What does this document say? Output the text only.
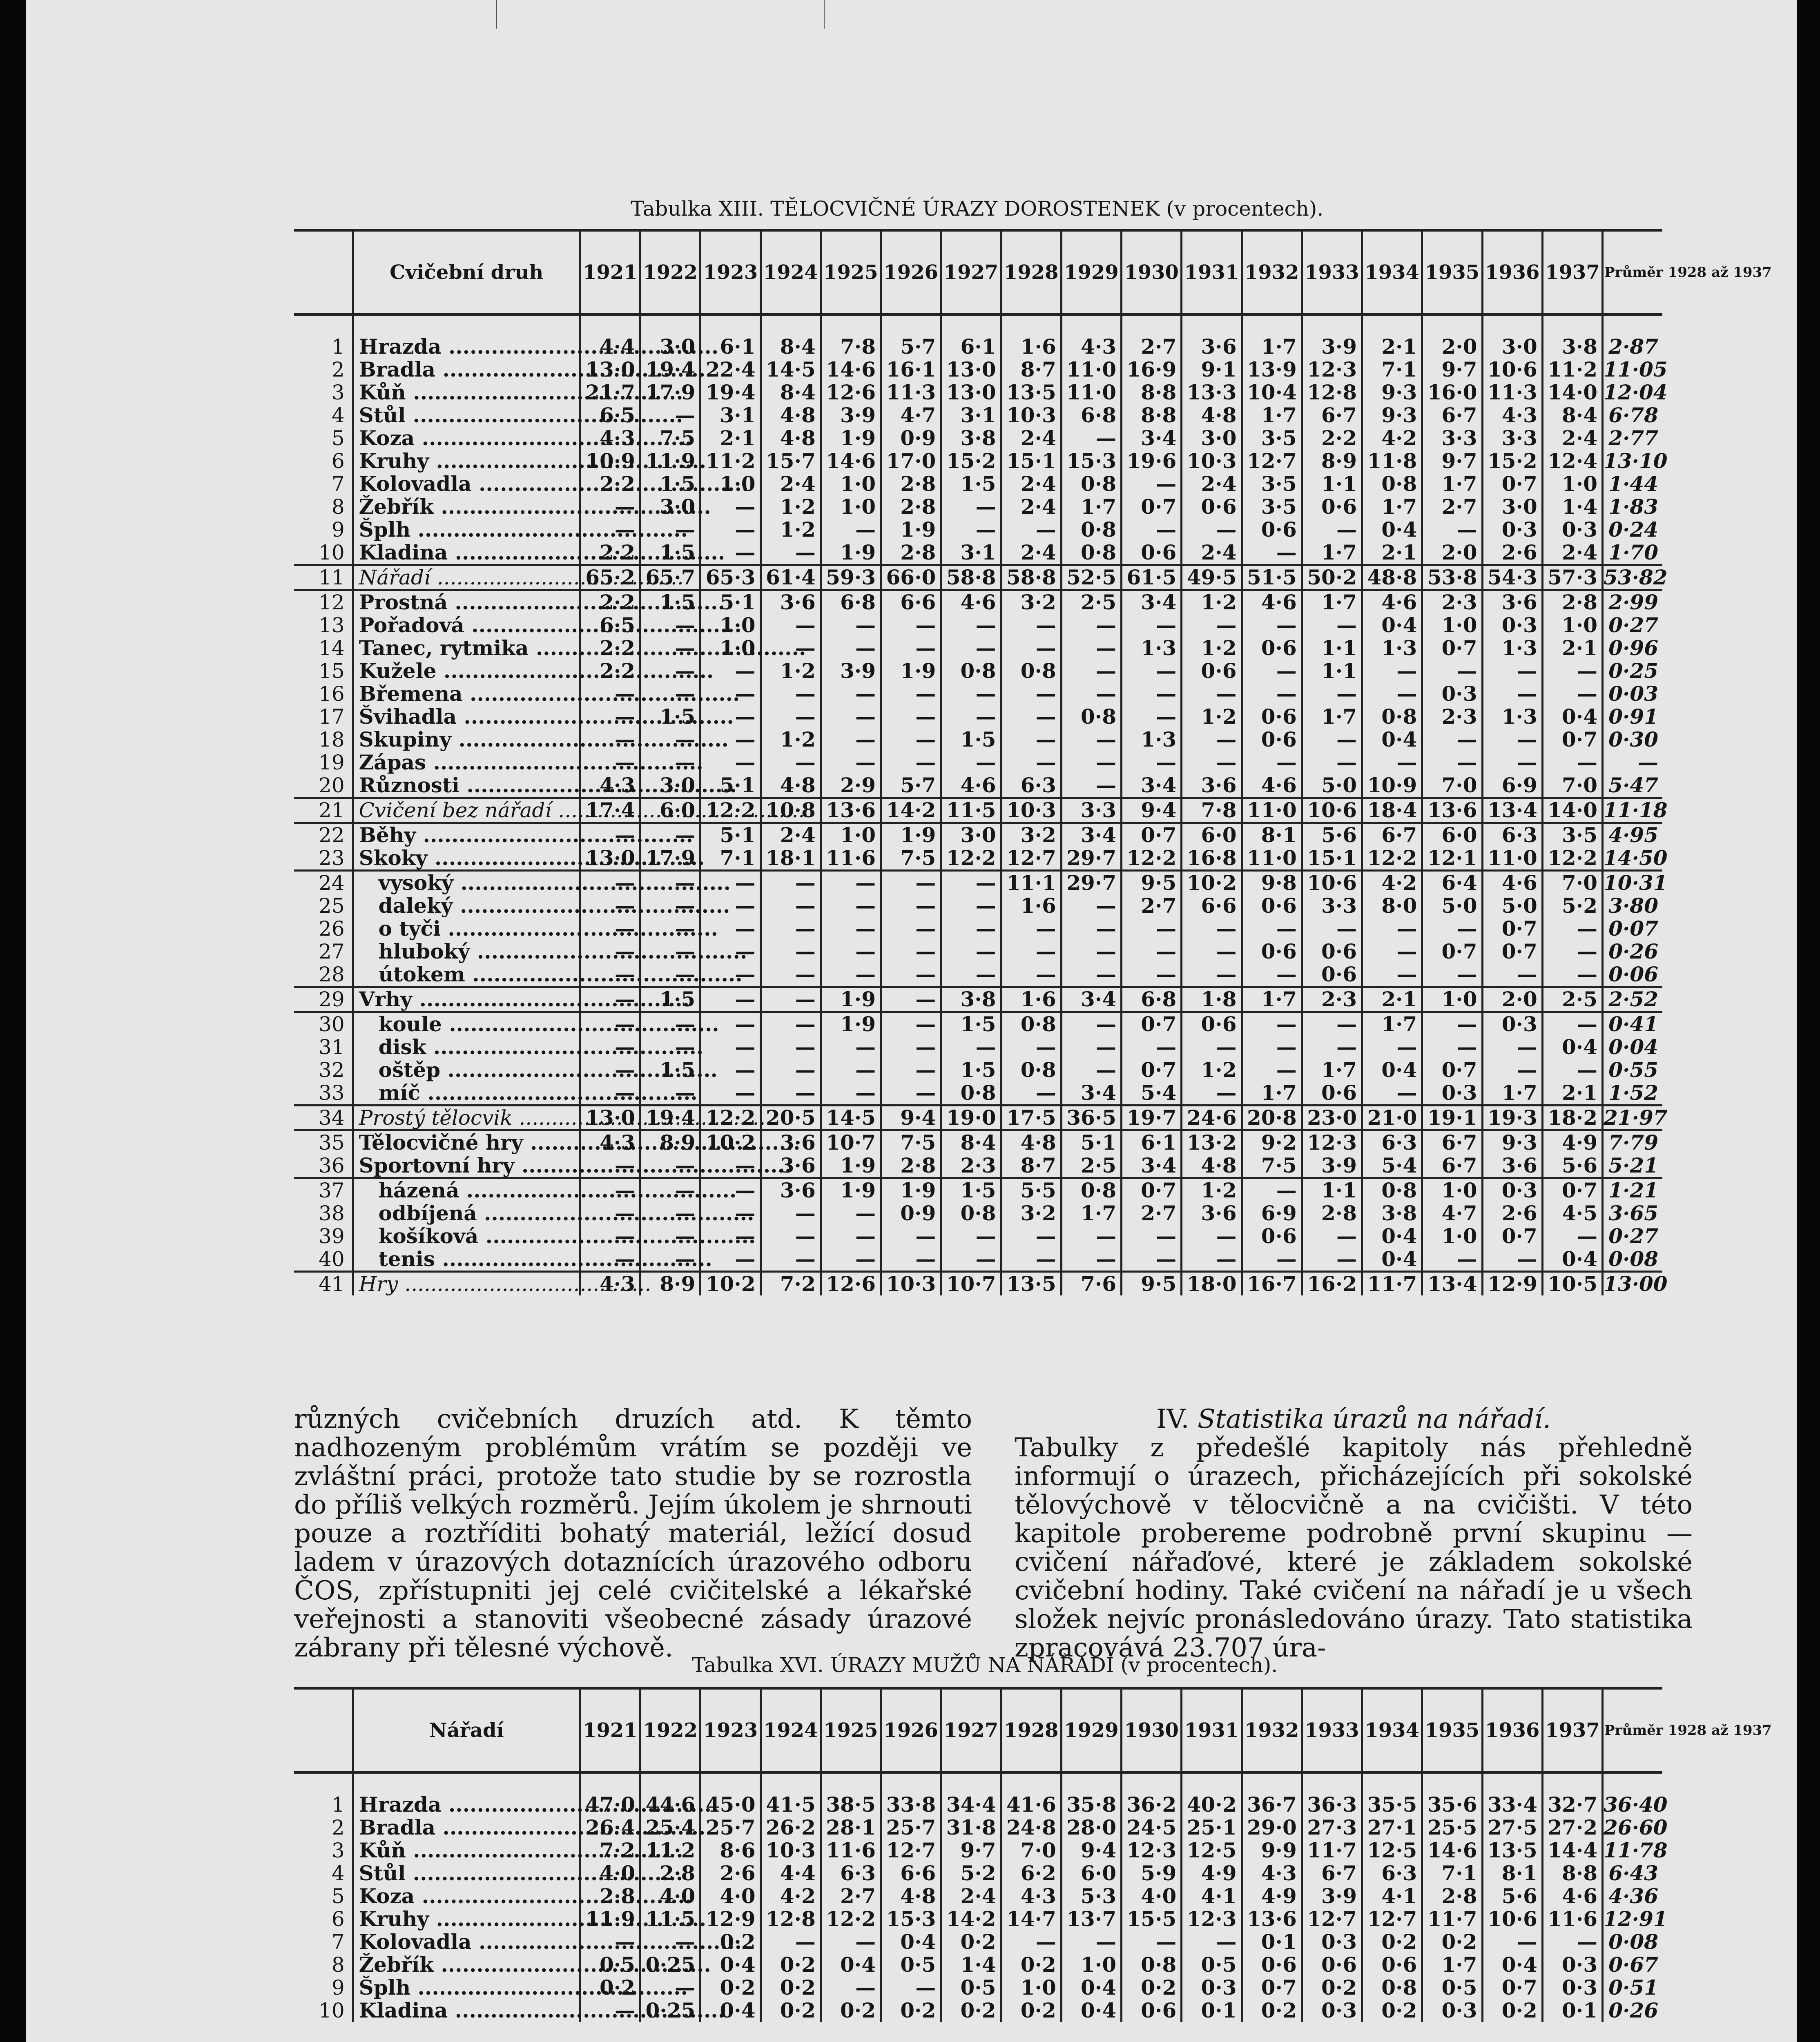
Tabulka XIII. TĚLOCVIČNÉ ÚRAZY DOROSTENEK (v procentech).
	Cvičební druh	1921	1922	1923	1924	1925	1926	1927	1928	1929	1930	1931	1932	1933	1934	1935	1936	1937	Průměr 1928 až 1937

1	Hrazda .....	4·4	3·0	6·1	8·4	7·8	5·7	6·1	1·6	4·3	2·7	3·6	1·7	3·9	2·1	2·0	3·0	3·8	2·87
2	Bradla .....	13·0	19·4	22·4	14·5	14·6	16·1	13·0	8·7	11·0	16·9	9·1	13·9	12·3	7·1	9·7	10·6	11·2	11·05
3	Kůň .....	21·7	17·9	19·4	8·4	12·6	11·3	13·0	13·5	11·0	8·8	13·3	10·4	12·8	9·3	16·0	11·3	14·0	12·04
4	Stůl .....	6·5	—	3·1	4·8	3·9	4·7	3·1	10·3	6·8	8·8	4·8	1·7	6·7	9·3	6·7	4·3	8·4	6·78
5	Koza .....	4·3	7·5	2·1	4·8	1·9	0·9	3·8	2·4	—	3·4	3·0	3·5	2·2	4·2	3·3	3·3	2·4	2·77
6	Kruhy .....	10·9	11·9	11·2	15·7	14·6	17·0	15·2	15·1	15·3	19·6	10·3	12·7	8·9	11·8	9·7	15·2	12·4	13·10
7	Kolovadla .....	2·2	1·5	1·0	2·4	1·0	2·8	1·5	2·4	0·8	—	2·4	3·5	1·1	0·8	1·7	0·7	1·0	1·44
8	Žebřík .....	—	3·0	—	1·2	1·0	2·8	—	2·4	1·7	0·7	0·6	3·5	0·6	1·7	2·7	3·0	1·4	1·83
9	Šplh .....	—	—	—	1·2	—	1·9	—	—	0·8	—	—	0·6	—	0·4	—	0·3	0·3	0·24
10	Kladina .....	2·2	1·5	—	—	1·9	2·8	3·1	2·4	0·8	0·6	2·4	—	1·7	2·1	2·0	2·6	2·4	1·70
11	Nářadí .....	65·2	65·7	65·3	61·4	59·3	66·0	58·8	58·8	52·5	61·5	49·5	51·5	50·2	48·8	53·8	54·3	57·3	53·82
12	Prostná .....	2·2	1·5	5·1	3·6	6·8	6·6	4·6	3·2	2·5	3·4	1·2	4·6	1·7	4·6	2·3	3·6	2·8	2·99
13	Pořadová .....	6·5	—	1·0	—	—	—	—	—	—	—	—	—	—	0·4	1·0	0·3	1·0	0·27
14	Tanec, rytmika .....	2·2	—	1·0	—	—	—	—	—	—	1·3	1·2	0·6	1·1	1·3	0·7	1·3	2·1	0·96
15	Kužele .....	2·2	—	—	1·2	3·9	1·9	0·8	0·8	—	—	0·6	—	1·1	—	—	—	—	0·25
16	Břemena .....	—	—	—	—	—	—	—	—	—	—	—	—	—	—	0·3	—	—	0·03
17	Švihadla .....	—	1·5	—	—	—	—	—	—	0·8	—	1·2	0·6	1·7	0·8	2·3	1·3	0·4	0·91
18	Skupiny .....	—	—	—	1·2	—	—	1·5	—	—	1·3	—	0·6	—	0·4	—	—	0·7	0·30
19	Zápas .....	—	—	—	—	—	—	—	—	—	—	—	—	—	—	—	—	—	—
20	Různosti .....	4·3	3·0	5·1	4·8	2·9	5·7	4·6	6·3	—	3·4	3·6	4·6	5·0	10·9	7·0	6·9	7·0	5·47
21	Cvičení bez nářadí .....	17·4	6·0	12·2	10·8	13·6	14·2	11·5	10·3	3·3	9·4	7·8	11·0	10·6	18·4	13·6	13·4	14·0	11·18
22	Běhy .....	—	—	5·1	2·4	1·0	1·9	3·0	3·2	3·4	0·7	6·0	8·1	5·6	6·7	6·0	6·3	3·5	4·95
23	Skoky .....	13·0	17·9	7·1	18·1	11·6	7·5	12·2	12·7	29·7	12·2	16·8	11·0	15·1	12·2	12·1	11·0	12·2	14·50
24	vysoký .....	—	—	—	—	—	—	—	11·1	29·7	9·5	10·2	9·8	10·6	4·2	6·4	4·6	7·0	10·31
25	daleký .....	—	—	—	—	—	—	—	1·6	—	2·7	6·6	0·6	3·3	8·0	5·0	5·0	5·2	3·80
26	o tyči .....	—	—	—	—	—	—	—	—	—	—	—	—	—	—	—	0·7	—	0·07
27	hluboký .....	—	—	—	—	—	—	—	—	—	—	—	0·6	0·6	—	0·7	0·7	—	0·26
28	útokem .....	—	—	—	—	—	—	—	—	—	—	—	—	0·6	—	—	—	—	0·06
29	Vrhy .....	—	1·5	—	—	1·9	—	3·8	1·6	3·4	6·8	1·8	1·7	2·3	2·1	1·0	2·0	2·5	2·52
30	koule .....	—	—	—	—	1·9	—	1·5	0·8	—	0·7	0·6	—	—	1·7	—	0·3	—	0·41
31	disk .....	—	—	—	—	—	—	—	—	—	—	—	—	—	—	—	—	0·4	0·04
32	oštěp .....	—	1·5	—	—	—	—	1·5	0·8	—	0·7	1·2	—	1·7	0·4	0·7	—	—	0·55
33	míč .....	—	—	—	—	—	—	0·8	—	3·4	5·4	—	1·7	0·6	—	0·3	1·7	2·1	1·52
34	Prostý tělocvik .....	13·0	19·4	12·2	20·5	14·5	9·4	19·0	17·5	36·5	19·7	24·6	20·8	23·0	21·0	19·1	19·3	18·2	21·97
35	Tělocvičné hry .....	4·3	8·9	10·2	3·6	10·7	7·5	8·4	4·8	5·1	6·1	13·2	9·2	12·3	6·3	6·7	9·3	4·9	7·79
36	Sportovní hry .....	—	—	—	3·6	1·9	2·8	2·3	8·7	2·5	3·4	4·8	7·5	3·9	5·4	6·7	3·6	5·6	5·21
37	házená .....	—	—	—	3·6	1·9	1·9	1·5	5·5	0·8	0·7	1·2	—	1·1	0·8	1·0	0·3	0·7	1·21
38	odbíjená .....	—	—	—	—	—	0·9	0·8	3·2	1·7	2·7	3·6	6·9	2·8	3·8	4·7	2·6	4·5	3·65
39	košíková .....	—	—	—	—	—	—	—	—	—	—	—	0·6	—	0·4	1·0	0·7	—	0·27
40	tenis .....	—	—	—	—	—	—	—	—	—	—	—	—	—	0·4	—	—	0·4	0·08
41	Hry .....	4·3	8·9	10·2	7·2	12·6	10·3	10·7	13·5	7·6	9·5	18·0	16·7	16·2	11·7	13·4	12·9	10·5	13·00
různých cvičebních druzích atd. K těmto nadhozeným problémům vrátím se později ve zvláštní práci, protože tato studie by se rozrostla do příliš velkých rozměrů. Jejím úkolem je shrnouti pouze a roztříditi bohatý materiál, ležící dosud ladem v úrazových dotaznících úrazového odboru ČOS, zpřístupniti jej celé cvičitelské a lékařské veřejnosti a stanoviti všeobecné zásady úrazové zábrany při tělesné výchově.
IV. Statistika úrazů na nářadí.
Tabulky z předešlé kapitoly nás přehledně informují o úrazech, přicházejících při sokolské tělovýchově v tělocvičně a na cvičišti. V této kapitole probereme podrobně první skupinu — cvičení nářaďové, které je základem sokolské cvičební hodiny. Také cvičení na nářadí je u všech složek nejvíc pronásledováno úrazy. Tato statistika zpracovává 23.707 úra-
Tabulka XVI. ÚRAZY MUŽŮ NA NÁŘADÍ (v procentech).
	Nářadí	1921	1922	1923	1924	1925	1926	1927	1928	1929	1930	1931	1932	1933	1934	1935	1936	1937	Průměr 1928 až 1937

1	Hrazda .....	47·0	44·6	45·0	41·5	38·5	33·8	34·4	41·6	35·8	36·2	40·2	36·7	36·3	35·5	35·6	33·4	32·7	36·40
2	Bradla .....	26·4	25·4	25·7	26·2	28·1	25·7	31·8	24·8	28·0	24·5	25·1	29·0	27·3	27·1	25·5	27·5	27·2	26·60
3	Kůň .....	7·2	11·2	8·6	10·3	11·6	12·7	9·7	7·0	9·4	12·3	12·5	9·9	11·7	12·5	14·6	13·5	14·4	11·78
4	Stůl .....	4·0	2·8	2·6	4·4	6·3	6·6	5·2	6·2	6·0	5·9	4·9	4·3	6·7	6·3	7·1	8·1	8·8	6·43
5	Koza .....	2·8	4·0	4·0	4·2	2·7	4·8	2·4	4·3	5·3	4·0	4·1	4·9	3·9	4·1	2·8	5·6	4·6	4·36
6	Kruhy .....	11·9	11·5	12·9	12·8	12·2	15·3	14·2	14·7	13·7	15·5	12·3	13·6	12·7	12·7	11·7	10·6	11·6	12·91
7	Kolovadla .....	—	—	0·2	—	—	0·4	0·2	—	—	—	—	0·1	0·3	0·2	0·2	—	—	0·08
8	Žebřík .....	0·5	0·25	0·4	0·2	0·4	0·5	1·4	0·2	1·0	0·8	0·5	0·6	0·6	0·6	1·7	0·4	0·3	0·67
9	Šplh .....	0·2	—	0·2	0·2	—	—	0·5	1·0	0·4	0·2	0·3	0·7	0·2	0·8	0·5	0·7	0·3	0·51
10	Kladina .....	—	0·25	0·4	0·2	0·2	0·2	0·2	0·2	0·4	0·6	0·1	0·2	0·3	0·2	0·3	0·2	0·1	0·26
